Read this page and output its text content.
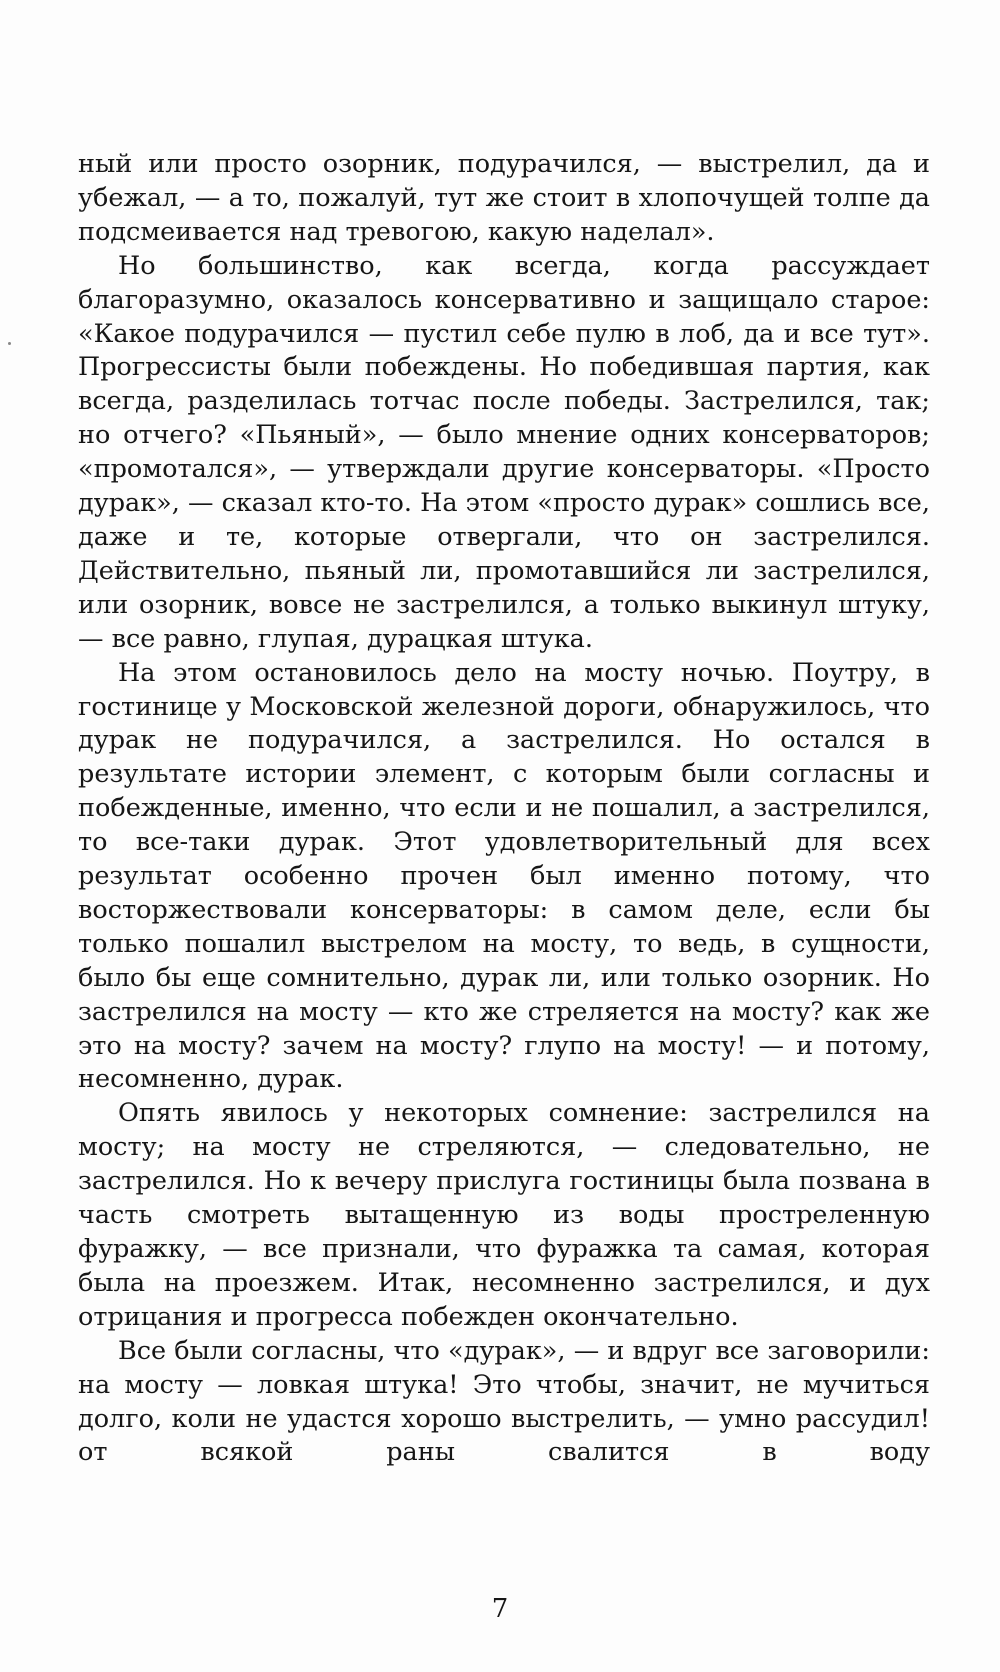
ный или просто озорник, подурачился, — выстрелил, да и убежал, — а то, пожалуй, тут же стоит в хлопочущей толпе да подсмеивается над тревогою, какую наделал».

Но большинство, как всегда, когда рассуждает благоразумно, оказалось консервативно и защищало старое: «Какое подурачился — пустил себе пулю в лоб, да и все тут». Прогрессисты были побеждены. Но победившая партия, как всегда, разделилась тотчас после победы. Застрелился, так; но отчего? «Пьяный», — было мнение одних консерваторов; «промотался», — утверждали другие консерваторы. «Просто дурак», — сказал кто-то. На этом «просто дурак» сошлись все, даже и те, которые отвергали, что он застрелился. Действительно, пьяный ли, промотавшийся ли застрелился, или озорник, вовсе не застрелился, а только выкинул штуку, — все равно, глупая, дурацкая штука.

На этом остановилось дело на мосту ночью. Поутру, в гостинице у Московской железной дороги, обнаружилось, что дурак не подурачился, а застрелился. Но остался в результате истории элемент, с которым были согласны и побежденные, именно, что если и не пошалил, а застрелился, то все-таки дурак. Этот удовлетворительный для всех результат особенно прочен был именно потому, что восторжествовали консерваторы: в самом деле, если бы только пошалил выстрелом на мосту, то ведь, в сущности, было бы еще сомнительно, дурак ли, или только озорник. Но застрелился на мосту — кто же стреляется на мосту? как же это на мосту? зачем на мосту? глупо на мосту! — и потому, несомненно, дурак.

Опять явилось у некоторых сомнение: застрелился на мосту; на мосту не стреляются, — следовательно, не застрелился. Но к вечеру прислуга гостиницы была позвана в часть смотреть вытащенную из воды простреленную фуражку, — все признали, что фуражка та самая, которая была на проезжем. Итак, несомненно застрелился, и дух отрицания и прогресса побежден окончательно.

Все были согласны, что «дурак», — и вдруг все заговорили: на мосту — ловкая штука! Это чтобы, значит, не мучиться долго, коли не удастся хорошо выстрелить, — умно рассудил! от всякой раны свалится в воду

7
